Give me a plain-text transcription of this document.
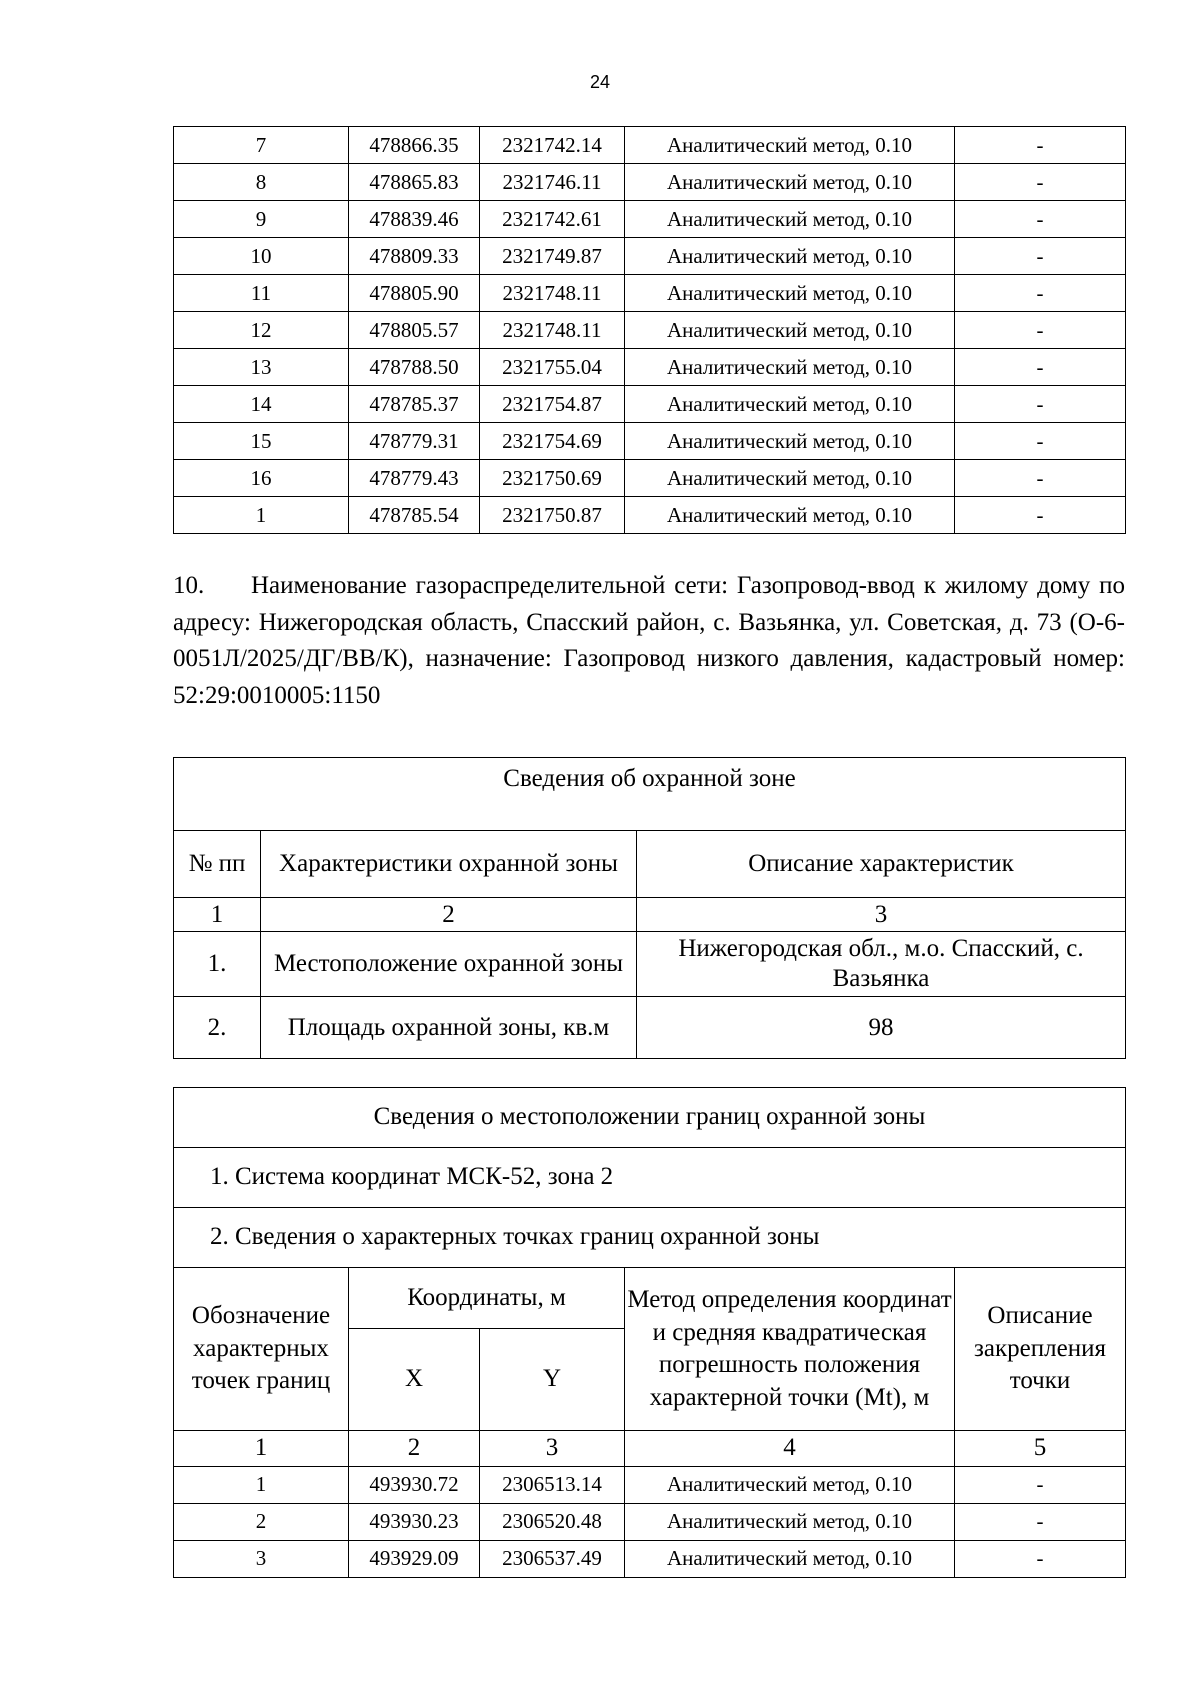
24
7	478866.35	2321742.14	Аналитический метод, 0.10	-
8	478865.83	2321746.11	Аналитический метод, 0.10	-
9	478839.46	2321742.61	Аналитический метод, 0.10	-
10	478809.33	2321749.87	Аналитический метод, 0.10	-
11	478805.90	2321748.11	Аналитический метод, 0.10	-
12	478805.57	2321748.11	Аналитический метод, 0.10	-
13	478788.50	2321755.04	Аналитический метод, 0.10	-
14	478785.37	2321754.87	Аналитический метод, 0.10	-
15	478779.31	2321754.69	Аналитический метод, 0.10	-
16	478779.43	2321750.69	Аналитический метод, 0.10	-
1	478785.54	2321750.87	Аналитический метод, 0.10	-
10. Наименование газораспределительной сети: Газопровод-ввод к жилому дому по адресу: Нижегородская область, Спасский район, с. Вазьянка, ул. Советская, д. 73 (О-6-0051Л/2025/ДГ/ВВ/К), назначение: Газопровод низкого давления, кадастровый номер: 52:29:0010005:1150
Сведения об охранной зоне		
№ пп	Характеристики охранной зоны	Описание характеристик
1	2	3
1.	Местоположение охранной зоны	Нижегородская обл., м.о. Спасский, с. Вазьянка
2.	Площадь охранной зоны, кв.м	98
Сведения о местоположении границ охранной зоны				
1. Система координат МСК-52, зона 2				
2. Сведения о характерных точках границ охранной зоны				
Обозначение характерных точек границ	Координаты, м		Метод определения координат и средняя квадратическая погрешность положения характерной точки (Mt), м	Описание закрепления точки
	X	Y		
1	2	3	4	5
1	493930.72	2306513.14	Аналитический метод, 0.10	-
2	493930.23	2306520.48	Аналитический метод, 0.10	-
3	493929.09	2306537.49	Аналитический метод, 0.10	-
